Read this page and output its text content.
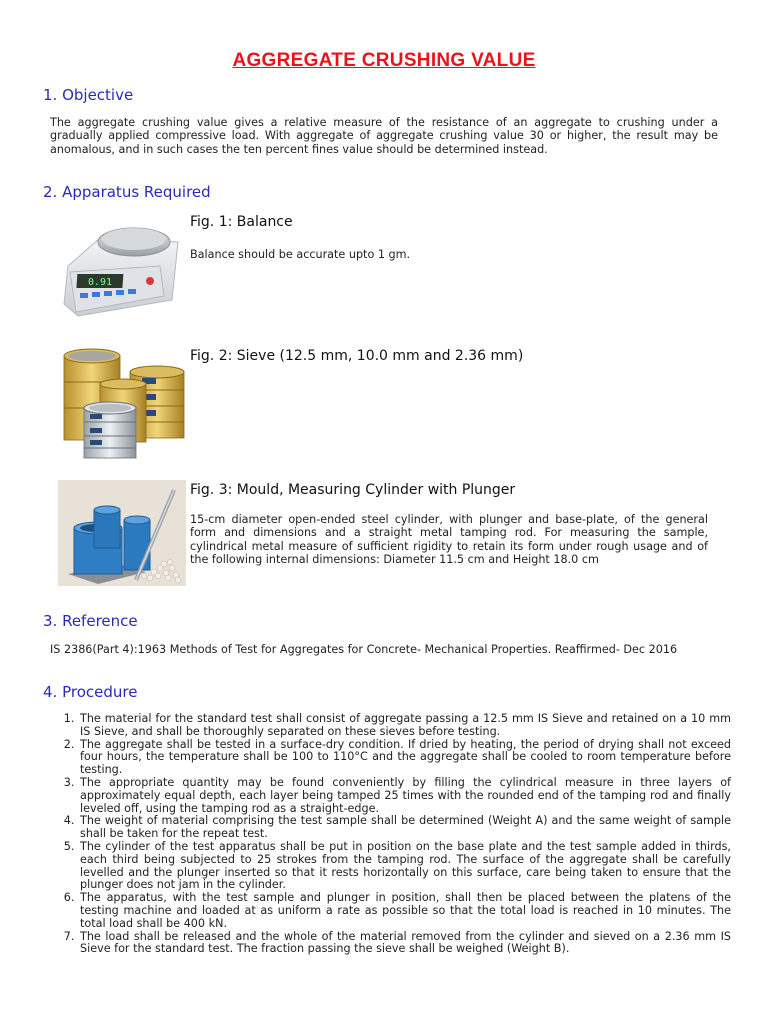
AGGREGATE CRUSHING VALUE
1. Objective
The aggregate crushing value gives a relative measure of the resistance of an aggregate to crushing under a gradually applied compressive load. With aggregate of aggregate crushing value 30 or higher, the result may be anomalous, and in such cases the ten percent fines value should be determined instead.
2. Apparatus Required
0.91
Fig. 1: Balance
Balance should be accurate upto 1 gm.
Fig. 2: Sieve (12.5 mm, 10.0 mm and 2.36 mm)
Fig. 3: Mould, Measuring Cylinder with Plunger
15-cm diameter open-ended steel cylinder, with plunger and base-plate, of the general form and dimensions and a straight metal tamping rod. For measuring the sample, cylindrical metal measure of sufficient rigidity to retain its form under rough usage and of the following internal dimensions: Diameter 11.5 cm and Height 18.0 cm
3. Reference
IS 2386(Part 4):1963 Methods of Test for Aggregates for Concrete- Mechanical Properties. Reaffirmed- Dec 2016
4. Procedure
1. The material for the standard test shall consist of aggregate passing a 12.5 mm IS Sieve and retained on a 10 mm IS Sieve, and shall be thoroughly separated on these sieves before testing.
2. The aggregate shall be tested in a surface-dry condition. If dried by heating, the period of drying shall not exceed four hours, the temperature shall be 100 to 110°C and the aggregate shall be cooled to room temperature before testing.
3. The appropriate quantity may be found conveniently by filling the cylindrical measure in three layers of approximately equal depth, each layer being tamped 25 times with the rounded end of the tamping rod and finally leveled off, using the tamping rod as a straight-edge.
4. The weight of material comprising the test sample shall be determined (Weight A) and the same weight of sample shall be taken for the repeat test.
5. The cylinder of the test apparatus shall be put in position on the base plate and the test sample added in thirds, each third being subjected to 25 strokes from the tamping rod. The surface of the aggregate shall be carefully levelled and the plunger inserted so that it rests horizontally on this surface, care being taken to ensure that the plunger does not jam in the cylinder.
6. The apparatus, with the test sample and plunger in position, shall then be placed between the platens of the testing machine and loaded at as uniform a rate as possible so that the total load is reached in 10 minutes. The total load shall be 400 kN.
7. The load shall be released and the whole of the material removed from the cylinder and sieved on a 2.36 mm IS Sieve for the standard test. The fraction passing the sieve shall be weighed (Weight B).
